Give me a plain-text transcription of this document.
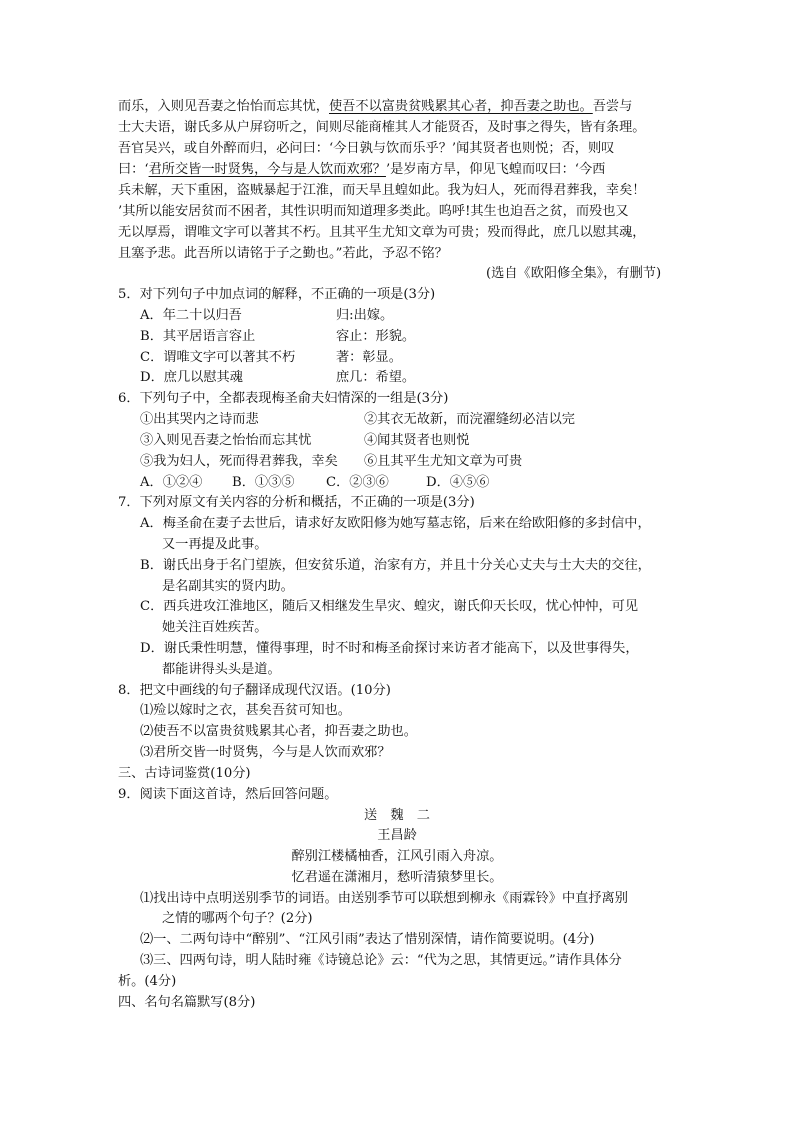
而乐，入则见吾妻之怡怡而忘其忧，使吾不以富贵贫贱累其心者，抑吾妻之助也。吾尝与
士大夫语，谢氏多从户屏窃听之，间则尽能商榷其人才能贤否，及时事之得失，皆有条理。
吾官吴兴，或自外醉而归，必问曰：‘今日孰与饮而乐乎？’闻其贤者也则悦；否，则叹
曰：‘君所交皆一时贤隽，今与是人饮而欢邪？’是岁南方旱，仰见飞蝗而叹曰：‘今西
兵未解，天下重困，盗贼暴起于江淮，而天旱且蝗如此。我为妇人，死而得君葬我，幸矣！
’其所以能安居贫而不困者，其性识明而知道理多类此。呜呼!其生也迫吾之贫，而殁也又
无以厚焉，谓唯文字可以著其不朽。且其平生尤知文章为可贵；殁而得此，庶几以慰其魂，
且塞予悲。此吾所以请铭于子之勤也。”若此，予忍不铭？
(选自《欧阳修全集》，有删节)
5．对下列句子中加点词的解释，不正确的一项是(3分)
A．年二十以归吾	归:出嫁。
B．其平居语言容止	容止：形貌。
C．谓唯文字可以著其不朽	著：彰显。
D．庶几以慰其魂	庶几：希望。
6．下列句子中，全都表现梅圣俞夫妇情深的一组是(3分)
①出其哭内之诗而悲	②其衣无故新，而浣濯缝纫必洁以完
③入则见吾妻之怡怡而忘其忧	④闻其贤者也则悦
⑤我为妇人，死而得君葬我，幸矣 ⑥且其平生尤知文章为可贵
A．①②④ B．①③⑤ C．②③⑥	D．④⑤⑥
7．下列对原文有关内容的分析和概括，不正确的一项是(3分)
A．梅圣俞在妻子去世后，请求好友欧阳修为她写墓志铭，后来在给欧阳修的多封信中，
又一再提及此事。
B．谢氏出身于名门望族，但安贫乐道，治家有方，并且十分关心丈夫与士大夫的交往，
是名副其实的贤内助。
C．西兵进攻江淮地区，随后又相继发生旱灾、蝗灾，谢氏仰天长叹，忧心忡忡，可见
她关注百姓疾苦。
D．谢氏秉性明慧，懂得事理，时不时和梅圣俞探讨来访者才能高下，以及世事得失，
都能讲得头头是道。
8．把文中画线的句子翻译成现代汉语。(10分)
⑴殓以嫁时之衣，甚矣吾贫可知也。
⑵使吾不以富贵贫贱累其心者，抑吾妻之助也。
⑶君所交皆一时贤隽，今与是人饮而欢邪？
三、古诗词鉴赏(10分)
9．阅读下面这首诗，然后回答问题。
送　魏　二
王昌龄
醉别江楼橘柚香，江风引雨入舟凉。
忆君遥在潇湘月，愁听清猿梦里长。
⑴找出诗中点明送别季节的词语。由送别季节可以联想到柳永《雨霖铃》中直抒离别
之情的哪两个句子？(2分)
⑵一、二两句诗中“醉别”、“江风引雨”表达了惜别深情，请作简要说明。(4分)
⑶三、四两句诗，明人陆时雍《诗镜总论》云：“代为之思，其情更远。”请作具体分
析。(4分)
四、名句名篇默写(8分)
